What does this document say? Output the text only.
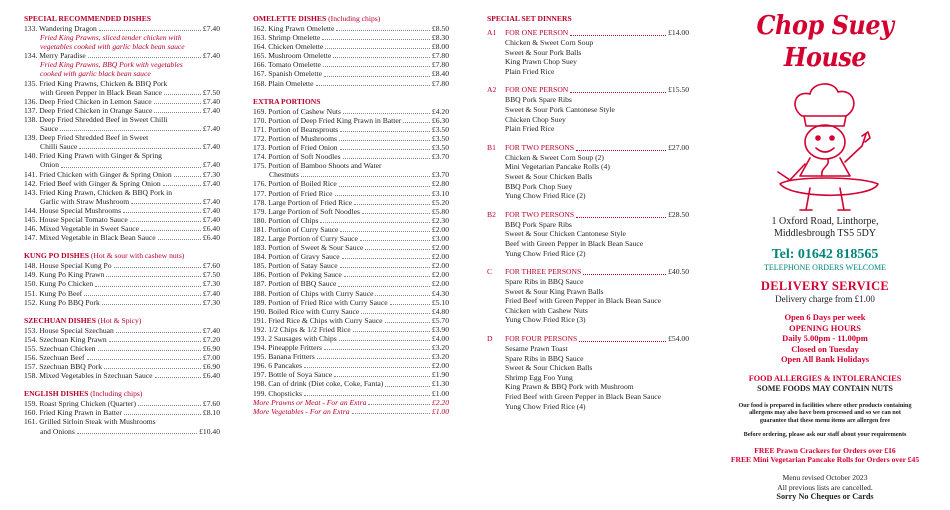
SPECIAL RECOMMENDED DISHES
133. Wandering Dragon	£7.40
Fried King Prawns, sliced tender chicken with
vegetables cooked with garlic black bean sauce
134. Merry Paradise	£7.40
Fried King Prawns, BBQ Pork with vegetables
cooked with garlic black bean sauce
135. Fried King Prawns, Chicken & BBQ Pork
with Green Pepper in Black Bean Sauce	£7.50
136. Deep Fried Chicken in Lemon Sauce	£7.40
137. Deep Fried Chicken in Orange Sauce	£7.40
138. Deep Fried Shredded Beef in Sweet Chilli
Sauce	£7.40
139. Deep Fried Shredded Beef in Sweet
Chilli Sauce	£7.40
140. Fried King Prawn with Ginger & Spring
Onion	£7.40
141. Fried Chicken with Ginger & Spring Onion	£7.30
142. Fried Beef with Ginger & Spring Onion	£7.40
143. Fried King Prawn, Chicken & BBQ Pork in
Garlic with Straw Mushroom	£7.40
144. House Special Mushrooms	£7.40
145. House Special Tomato Sauce	£7.40
146. Mixed Vegetable in Sweet Sauce	£6.40
147. Mixed Vegetable in Black Bean Sauce	£6.40
KUNG PO DISHES (Hot & sour with cashew nuts)
148. House Special Kung Po	£7.60
149. Kung Po King Prawn	£7.50
150. Kung Po Chicken	£7.30
151. Kung Po Beef	£7.40
152. Kung Po BBQ Pork	£7.30
SZECHUAN DISHES (Hot & Spicy)
153. House Special Szechuan	£7.40
154. Szechuan King Prawn	£7.20
155. Szechuan Chicken	£6.90
156. Szechuan Beef	£7.00
157. Szechuan BBQ Pork	£6.90
158. Mixed Vegetables in Szechuan Sauce	£6.40
ENGLISH DISHES (Including chips)
159. Roast Spring Chicken (Quarter)	£7.60
160. Fried King Prawn in Batter	£8.10
161. Grilled Sirloin Steak with Mushrooms
and Onions	£10.40
OMELETTE DISHES (Including chips)
162. King Prawn Omelette	£8.50
163. Shrimp Omelette	£8.30
164. Chicken Omelette	£8.00
165. Mushroom Omelette	£7.80
166. Tomato Omelette	£7.80
167. Spanish Omelette	£8.40
168. Plain Omelette	£7.80
EXTRA PORTIONS
169. Portion of Cashew Nuts	£4.20
170. Portion of Deep Fried King Prawn in Batter	£6.30
171. Portion of Beansprouts	£3.50
172. Portion of Mushrooms	£3.50
173. Portion of Fried Onion	£3.50
174. Portion of Soft Noodles	£3.70
175. Portion of Bamboo Shoots and Water
Chestnuts	£3.70
176. Portion of Boiled Rice	£2.80
177. Portion of Fried Rice	£3.10
178. Large Portion of Fried Rice	£5.20
179. Large Portion of Soft Noodles	£5.80
180. Portion of Chips	£2.30
181. Portion of Curry Sauce	£2.00
182. Large Portion of Curry Sauce	£3.00
183. Portion of Sweet & Sour Sauce	£2.00
184. Portion of Gravy Sauce	£2.00
185. Portion of Satay Sauce	£2.00
186. Portion of Peking Sauce	£2.00
187. Portion of BBQ Sauce	£2.00
188. Portion of Chips with Curry Sauce	£4.30
189. Portion of Fried Rice with Curry Sauce	£5.10
190. Boiled Rice with Curry Sauce	£4.80
191. Fried Rice & Chips with Curry Sauce	£5.70
192. 1/2 Chips & 1/2 Fried Rice	£3.90
193. 2 Sausages with Chips	£4.00
194. Pineapple Fritters	£3.20
195. Banana Fritters	£3.20
196. 6 Pancakes	£2.00
197. Bottle of Soya Sauce	£1.90
198. Can of drink (Diet coke, Coke, Fanta)	£1.30
199. Chopsticks	£1.00
More Prawns or Meat - For an Extra	£2.20
More Vegetables - For an Extra	£1.00
SPECIAL SET DINNERS
A1	FOR ONE PERSON	£14.00
Chicken & Sweet Corn Soup
Sweet & Sour Pork Balls
King Prawn Chop Suey
Plain Fried Rice
A2	FOR ONE PERSON	£15.50
BBQ Pork Spare Ribs
Sweet & Sour Pork Cantonese Style
Chicken Chop Suey
Plain Fried Rice
B1	FOR TWO PERSONS	£27.00
Chicken & Sweet Corn Soup (2)
Mini Vegetarian Pancake Rolls (4)
Sweet & Sour Chicken Balls
BBQ Pork Chop Suey
Yung Chow Fried Rice (2)
B2	FOR TWO PERSONS	£28.50
BBQ Pork Spare Ribs
Sweet & Sour Chicken Cantonese Style
Beef with Green Pepper in Black Bean Sauce
Yung Chow Fried Rice (2)
C	FOR THREE PERSONS	£40.50
Spare Ribs in BBQ Sauce
Sweet & Sour King Prawn Balls
Fried Beef with Green Pepper in Black Bean Sauce
Chicken with Cashew Nuts
Yung Chow Fried Rice (3)
D	FOR FOUR PERSONS	£54.00
Sesame Prawn Toast
Spare Ribs in BBQ Sauce
Sweet & Sour Chicken Balls
Shrimp Egg Foo Yung
King Prawn & BBQ Pork with Mushroom
Fried Beef with Green Pepper in Black Bean Sauce
Yung Chow Fried Rice (4)
Chop Suey House
1 Oxford Road, Linthorpe,
Middlesbrough TS5 5DY
Tel: 01642 818565
TELEPHONE ORDERS WELCOME
DELIVERY SERVICE
Delivery charge from £1.00
Open 6 Days per week
OPENING HOURS
Daily 5.00pm - 11.00pm
Closed on Tuesday
Open All Bank Holidays
FOOD ALLERGIES & INTOLERANCIES
SOME FOODS MAY CONTAIN NUTS
Our food is prepared in facilities where other products containing
allergens may also have been processed and so we can not
guarantee that these menu items are allergen free
Before ordering, please ask our staff about your requirements
FREE Prawn Crackers for Orders over £16
FREE Mini Vegetarian Pancake Rolls for Orders over £45
Menu revised October 2023
All previous lists are cancelled.
Sorry No Cheques or Cards
